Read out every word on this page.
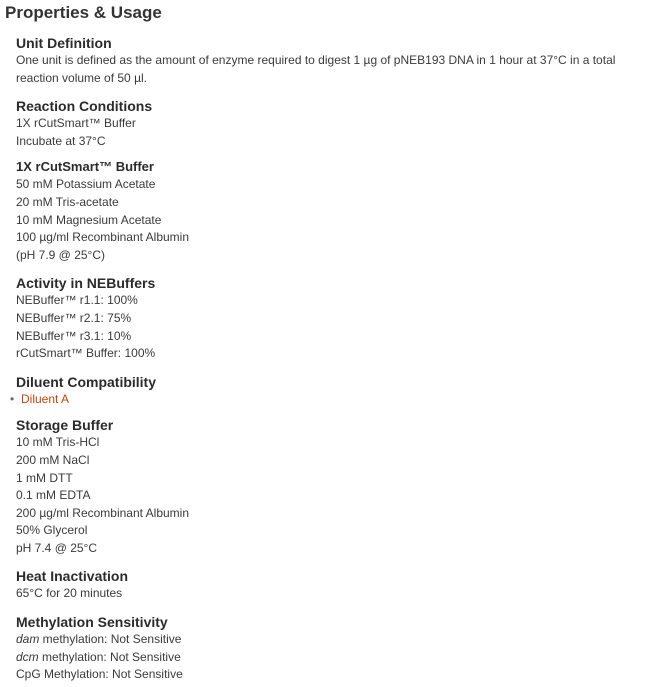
Properties & Usage
Unit Definition
One unit is defined as the amount of enzyme required to digest 1 µg of pNEB193 DNA in 1 hour at 37°C in a total reaction volume of 50 µl.
Reaction Conditions
1X rCutSmart™ Buffer
Incubate at 37°C
1X rCutSmart™ Buffer
50 mM Potassium Acetate
20 mM Tris-acetate
10 mM Magnesium Acetate
100 µg/ml Recombinant Albumin
(pH 7.9 @ 25°C)
Activity in NEBuffers
NEBuffer™ r1.1: 100%
NEBuffer™ r2.1: 75%
NEBuffer™ r3.1: 10%
rCutSmart™ Buffer: 100%
Diluent Compatibility
• Diluent A
Storage Buffer
10 mM Tris-HCl
200 mM NaCl
1 mM DTT
0.1 mM EDTA
200 µg/ml Recombinant Albumin
50% Glycerol
pH 7.4 @ 25°C
Heat Inactivation
65°C for 20 minutes
Methylation Sensitivity
dam methylation: Not Sensitive
dcm methylation: Not Sensitive
CpG Methylation: Not Sensitive
